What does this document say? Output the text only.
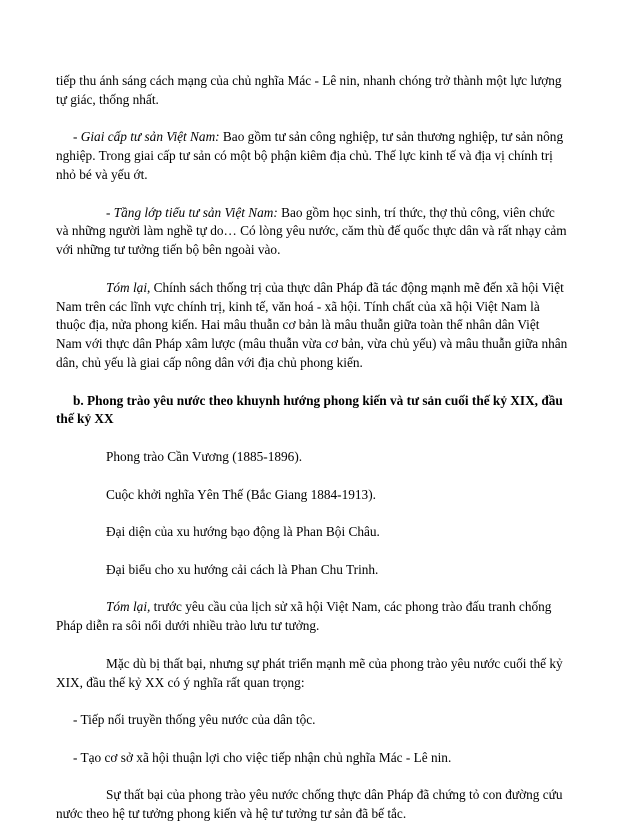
tiếp thu ánh sáng cách mạng của chủ nghĩa Mác - Lê nin, nhanh chóng trở thành một lực lượng tự giác, thống nhất.

- Giai cấp tư sản Việt Nam: Bao gồm tư sản công nghiệp, tư sản thương nghiệp, tư sản nông nghiệp. Trong giai cấp tư sản có một bộ phận kiêm địa chủ. Thế lực kinh tế và địa vị chính trị nhỏ bé và yếu ớt.

- Tầng lớp tiểu tư sản Việt Nam: Bao gồm học sinh, trí thức, thợ thủ công, viên chức và những người làm nghề tự do… Có lòng yêu nước, căm thù đế quốc thực dân và rất nhạy cảm với những tư tưởng tiến bộ bên ngoài vào.

Tóm lại, Chính sách thống trị của thực dân Pháp đã tác động mạnh mẽ đến xã hội Việt Nam trên các lĩnh vực chính trị, kinh tế, văn hoá - xã hội. Tính chất của xã hội Việt Nam là thuộc địa, nửa phong kiến. Hai mâu thuẫn cơ bản là mâu thuẫn giữa toàn thể nhân dân Việt Nam với thực dân Pháp xâm lược (mâu thuẫn vừa cơ bản, vừa chủ yếu) và mâu thuẫn giữa nhân dân, chủ yếu là giai cấp nông dân với địa chủ phong kiến.

b. Phong trào yêu nước theo khuynh hướng phong kiến và tư sản cuối thế kỷ XIX, đầu thế kỷ XX

Phong trào Cần Vương (1885-1896).

Cuộc khởi nghĩa Yên Thế (Bắc Giang 1884-1913).

Đại diện của xu hướng bạo động là Phan Bội Châu.

Đại biểu cho xu hướng cải cách là Phan Chu Trinh.

Tóm lại, trước yêu cầu của lịch sử xã hội Việt Nam, các phong trào đấu tranh chống Pháp diễn ra sôi nổi dưới nhiều trào lưu tư tưởng.

Mặc dù bị thất bại, nhưng sự phát triển mạnh mẽ của phong trào yêu nước cuối thế kỷ XIX, đầu thế kỷ XX có ý nghĩa rất quan trọng:

- Tiếp nối truyền thống yêu nước của dân tộc.

- Tạo cơ sở xã hội thuận lợi cho việc tiếp nhận chủ nghĩa Mác - Lê nin.

Sự thất bại của phong trào yêu nước chống thực dân Pháp đã chứng tỏ con đường cứu nước theo hệ tư tưởng phong kiến và hệ tư tưởng tư sản đã bế tắc.
